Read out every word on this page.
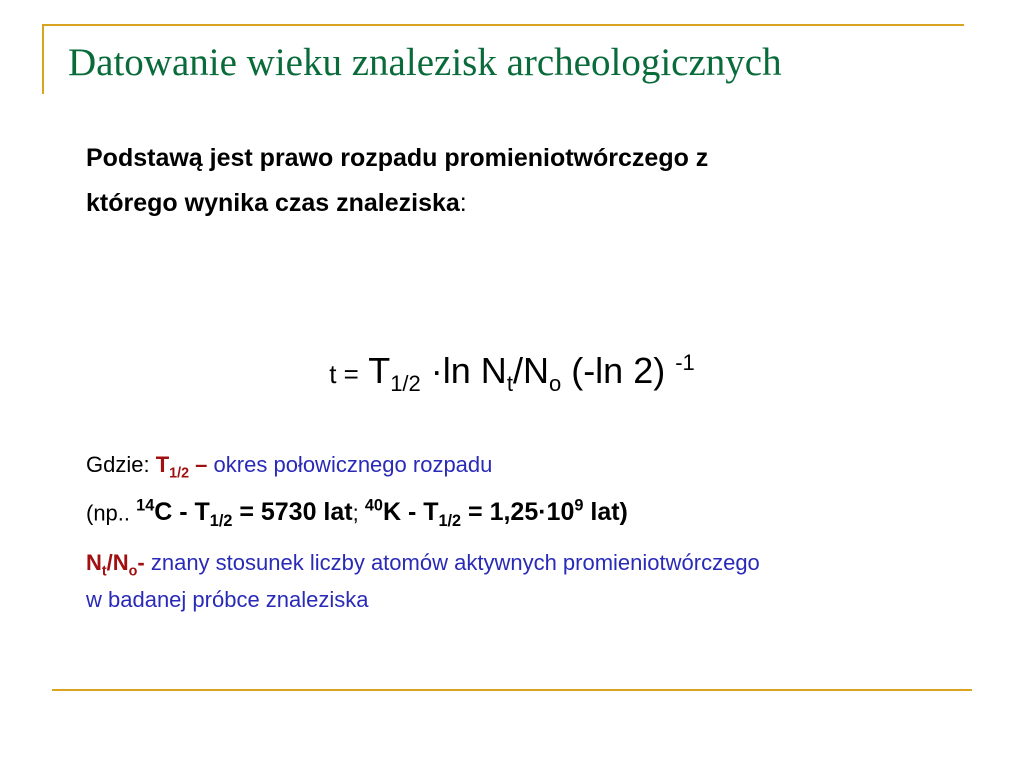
Datowanie wieku znalezisk archeologicznych

Podstawą jest prawo rozpadu promieniotwórczego z
którego wynika czas znaleziska:

$t = T_{1/2} \cdot\ln$ $N_t/N_o$ (-ln 2) $^{-1}$

Gdzie: $T_{1/2}$ – okres połowicznego rozpadu

(np.. $^{14}C - T_{1/2} = 5730$ lat; $^{40}K - T_{1/2} = 1,25\cdot 10^9$ lat)

$N_t/N_o-$ znany stosunek liczby atomów aktywnych promieniotwórczego

w badanej próbce znaleziska
